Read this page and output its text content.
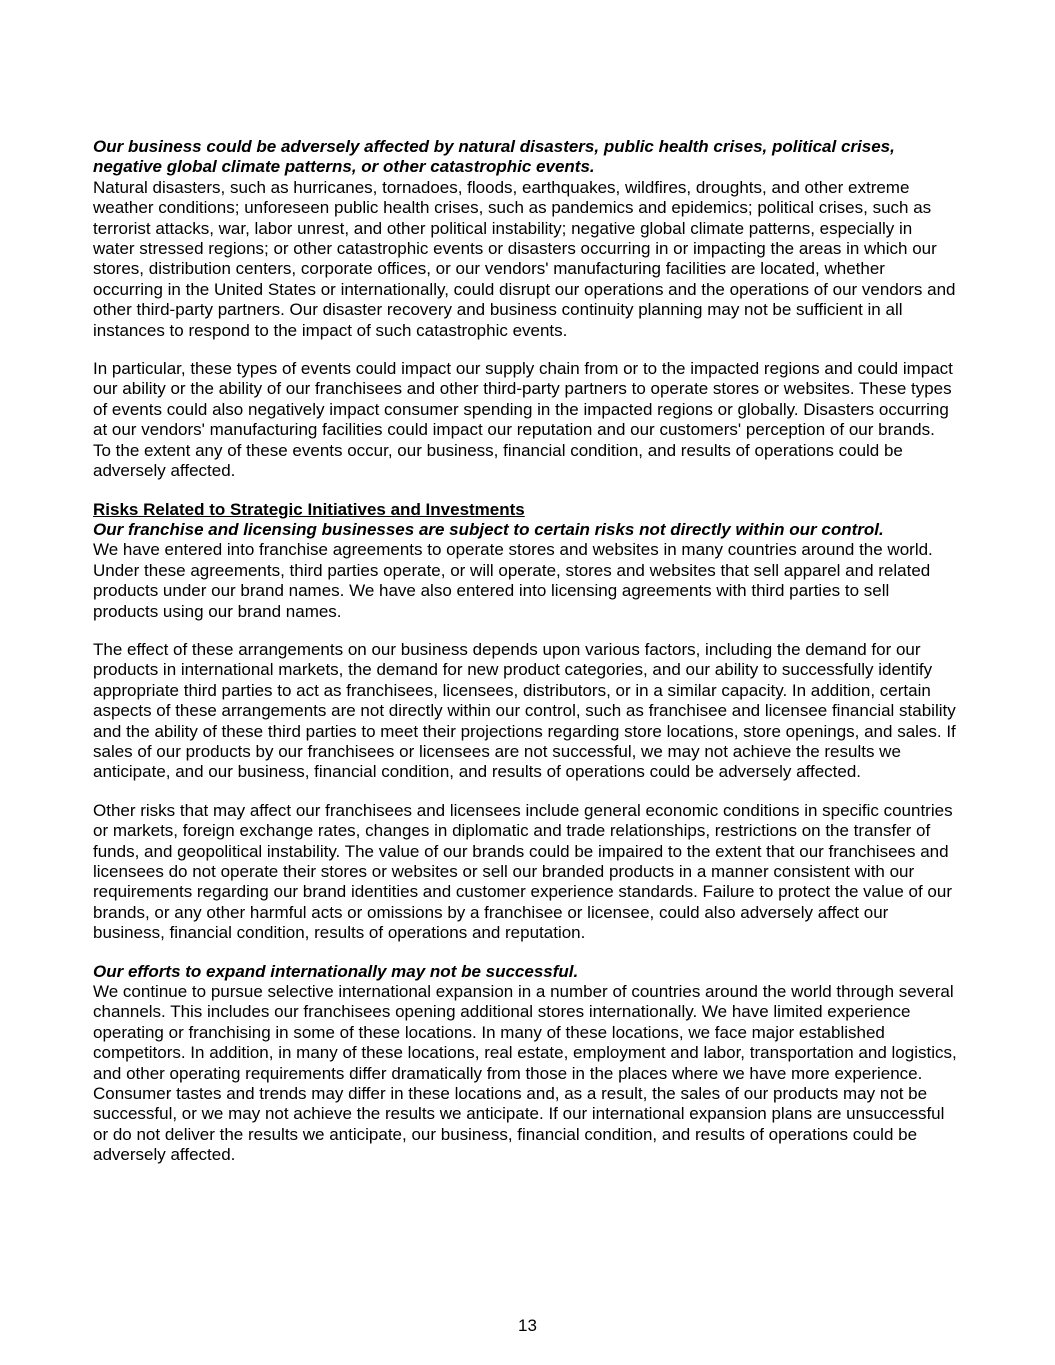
Our business could be adversely affected by natural disasters, public health crises, political crises, negative global climate patterns, or other catastrophic events.

Natural disasters, such as hurricanes, tornadoes, floods, earthquakes, wildfires, droughts, and other extreme weather conditions; unforeseen public health crises, such as pandemics and epidemics; political crises, such as terrorist attacks, war, labor unrest, and other political instability; negative global climate patterns, especially in water stressed regions; or other catastrophic events or disasters occurring in or impacting the areas in which our stores, distribution centers, corporate offices, or our vendors' manufacturing facilities are located, whether occurring in the United States or internationally, could disrupt our operations and the operations of our vendors and other third-party partners. Our disaster recovery and business continuity planning may not be sufficient in all instances to respond to the impact of such catastrophic events.

In particular, these types of events could impact our supply chain from or to the impacted regions and could impact our ability or the ability of our franchisees and other third-party partners to operate stores or websites. These types of events could also negatively impact consumer spending in the impacted regions or globally. Disasters occurring at our vendors' manufacturing facilities could impact our reputation and our customers' perception of our brands. To the extent any of these events occur, our business, financial condition, and results of operations could be adversely affected.

Risks Related to Strategic Initiatives and Investments
Our franchise and licensing businesses are subject to certain risks not directly within our control.

We have entered into franchise agreements to operate stores and websites in many countries around the world. Under these agreements, third parties operate, or will operate, stores and websites that sell apparel and related products under our brand names. We have also entered into licensing agreements with third parties to sell products using our brand names.

The effect of these arrangements on our business depends upon various factors, including the demand for our products in international markets, the demand for new product categories, and our ability to successfully identify appropriate third parties to act as franchisees, licensees, distributors, or in a similar capacity. In addition, certain aspects of these arrangements are not directly within our control, such as franchisee and licensee financial stability and the ability of these third parties to meet their projections regarding store locations, store openings, and sales. If sales of our products by our franchisees or licensees are not successful, we may not achieve the results we anticipate, and our business, financial condition, and results of operations could be adversely affected.

Other risks that may affect our franchisees and licensees include general economic conditions in specific countries or markets, foreign exchange rates, changes in diplomatic and trade relationships, restrictions on the transfer of funds, and geopolitical instability. The value of our brands could be impaired to the extent that our franchisees and licensees do not operate their stores or websites or sell our branded products in a manner consistent with our requirements regarding our brand identities and customer experience standards. Failure to protect the value of our brands, or any other harmful acts or omissions by a franchisee or licensee, could also adversely affect our business, financial condition, results of operations and reputation.

Our efforts to expand internationally may not be successful.

We continue to pursue selective international expansion in a number of countries around the world through several channels. This includes our franchisees opening additional stores internationally. We have limited experience operating or franchising in some of these locations. In many of these locations, we face major established competitors. In addition, in many of these locations, real estate, employment and labor, transportation and logistics, and other operating requirements differ dramatically from those in the places where we have more experience. Consumer tastes and trends may differ in these locations and, as a result, the sales of our products may not be successful, or we may not achieve the results we anticipate. If our international expansion plans are unsuccessful or do not deliver the results we anticipate, our business, financial condition, and results of operations could be adversely affected.

13
